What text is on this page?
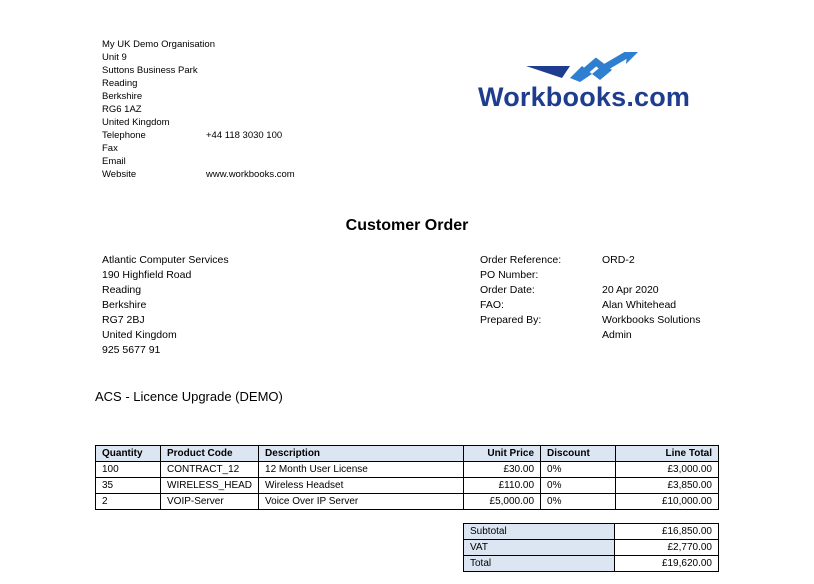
My UK Demo Organisation
Unit 9
Suttons Business Park
Reading
Berkshire
RG6 1AZ
United Kingdom
Telephone	+44 118 3030 100
Fax
Email
Website	www.workbooks.com
Workbooks.com
Customer Order
Atlantic Computer Services
190 Highfield Road
Reading
Berkshire
RG7 2BJ
United Kingdom
925 5677 91
Order Reference:	ORD-2
PO Number:
Order Date:	20 Apr 2020
FAO:	Alan Whitehead
Prepared By:	Workbooks Solutions
Admin
ACS - Licence Upgrade (DEMO)
Quantity	Product Code	Description	Unit Price	Discount	Line Total
100	CONTRACT_12	12 Month User License	£30.00	0%	£3,000.00
35	WIRELESS_HEAD	Wireless Headset	£110.00	0%	£3,850.00
2	VOIP-Server	Voice Over IP Server	£5,000.00	0%	£10,000.00
Subtotal	£16,850.00
VAT	£2,770.00
Total	£19,620.00
